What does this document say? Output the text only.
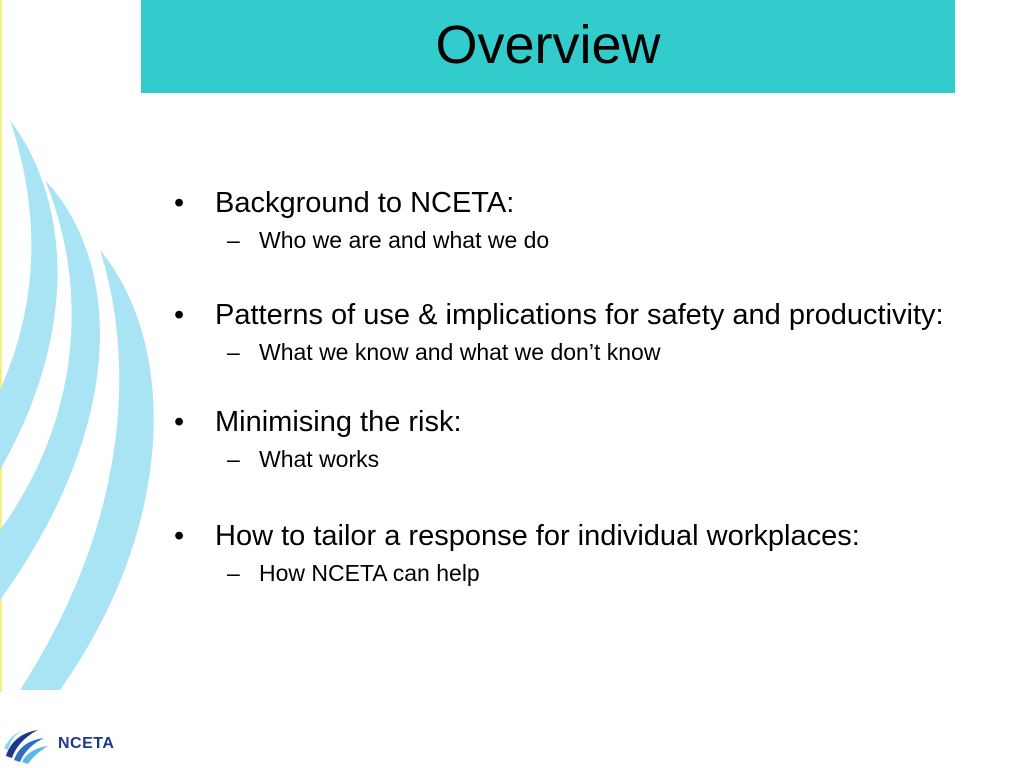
Overview
• Background to NCETA:
– Who we are and what we do
• Patterns of use & implications for safety and productivity:
– What we know and what we don’t know
• Minimising the risk:
– What works
• How to tailor a response for individual workplaces:
– How NCETA can help
NCETA
